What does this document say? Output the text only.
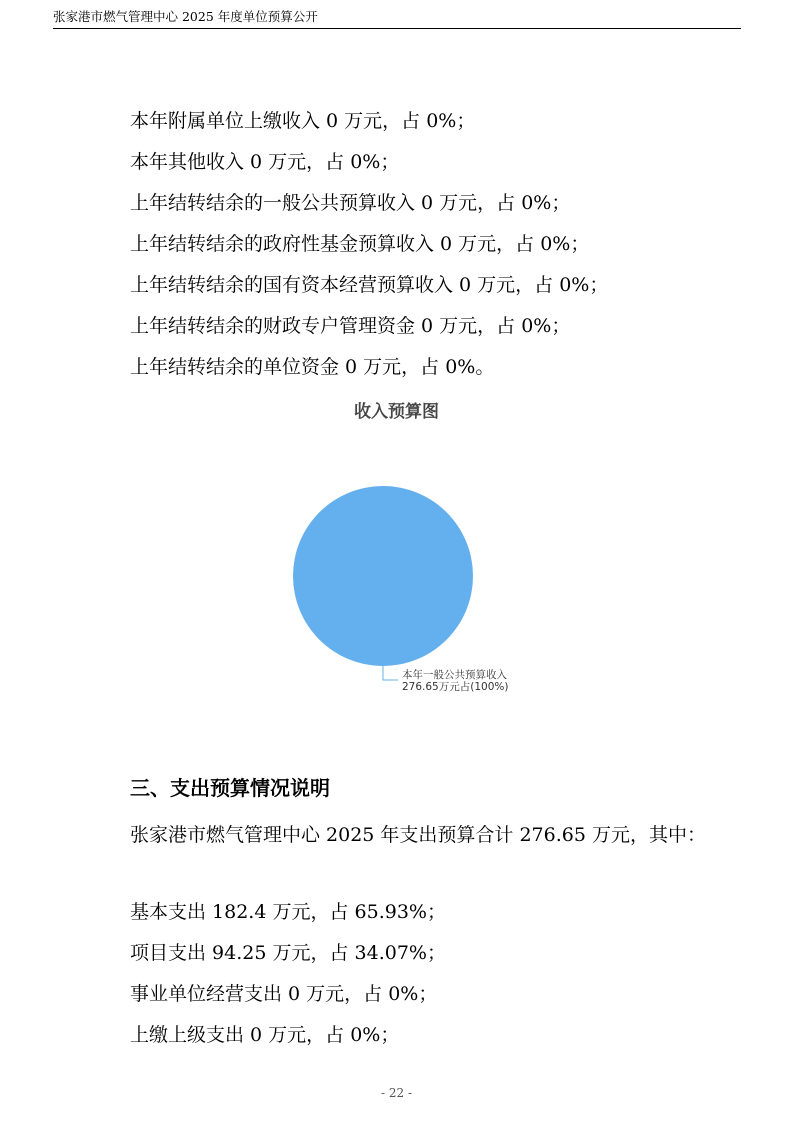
张家港市燃气管理中心 2025 年度单位预算公开
本年附属单位上缴收入 0 万元，占 0%；
本年其他收入 0 万元，占 0%；
上年结转结余的一般公共预算收入 0 万元，占 0%；
上年结转结余的政府性基金预算收入 0 万元，占 0%；
上年结转结余的国有资本经营预算收入 0 万元，占 0%；
上年结转结余的财政专户管理资金 0 万元，占 0%；
上年结转结余的单位资金 0 万元，占 0%。
收入预算图
本年一般公共预算收入
276.65万元占(100%)
三、支出预算情况说明
张家港市燃气管理中心 2025 年支出预算合计 276.65 万元，其中：
基本支出 182.4 万元，占 65.93%；
项目支出 94.25 万元，占 34.07%；
事业单位经营支出 0 万元，占 0%；
上缴上级支出 0 万元，占 0%；
- 22 -
